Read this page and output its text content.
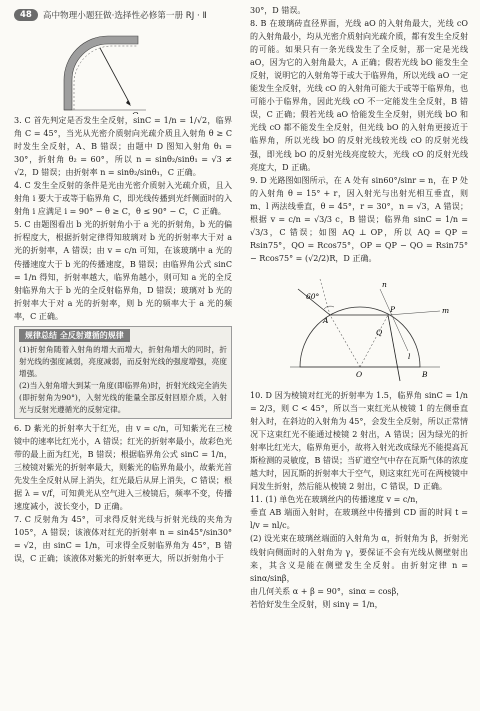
48	高中物理小题狂做·选择性必修第一册 RJ · Ⅱ

3. C 首先判定是否发生全反射，sinC = 1/n = 1/√2，临界角 C = 45°，当光从光密介质射向光疏介质且入射角 θ ≥ C 时发生全反射，A、B 错误；由题中 D 图知入射角 θ₁ = 30°，折射角 θ₂ = 60°，所以 n = sinθ₂/sinθ₁ = √3 ≠ √2，D 错误；由折射率 n = sinθ₂/sinθ₁，C 正确。

4. C 发生全反射的条件是光由光密介质射入光疏介质，且入射角 i 要大于或等于临界角 C，即光线传播到光纤侧面时的入射角 i 应满足 i = 90° − θ ≥ C，θ ≤ 90° − C，C 正确。

5. C 由题图看出 b 光的折射角小于 a 光的折射角，b 光的偏折程度大，根据折射定律得知玻璃对 b 光的折射率大于对 a 光的折射率，A 错误；由 v = c/n 可知，在该玻璃中 a 光的传播速度大于 b 光的传播速度，B 错误；由临界角公式 sinC = 1/n 得知，折射率越大，临界角越小，则可知 a 光的全反射临界角大于 b 光的全反射临界角，D 错误；玻璃对 b 光的折射率大于对 a 光的折射率，则 b 光的频率大于 a 光的频率，C 正确。

规律总结 全反射遵循的规律

(1)折射角随着入射角的增大而增大，折射角增大的同时，折射光线的强度减弱，亮度减弱，而反射光线的强度增强，亮度增强。

(2)当入射角增大到某一角度(即临界角)时，折射光线完全消失(即折射角为90°)，入射光线的能量全部反射回原介质，入射光与反射光遵循光的反射定律。

6. D 紫光的折射率大于红光，由 v = c/n，可知紫光在三棱镜中的速率比红光小，A 错误；红光的折射率最小，故彩色光带的最上面为红光，B 错误；根据临界角公式 sinC = 1/n，三棱镜对紫光的折射率最大，则紫光的临界角最小，故紫光首先发生全反射从屏上消失，红光最后从屏上消失，C 错误；根据 λ = v/f，可知黄光从空气进入三棱镜后，频率不变，传播速度减小，波长变小，D 正确。

7. C 反射角为 45°，可求得反射光线与折射光线的夹角为 105°，A 错误；该液体对红光的折射率 n = sin45°/sin30° = √2，由 sinC = 1/n，可求得全反射临界角为 45°，B 错误，C 正确；该液体对紫光的折射率更大，所以折射角小于

30°，D 错误。

8. B 在玻璃砖直径界面，光线 aO 的入射角最大，光线 cO 的入射角最小，均从光密介质射向光疏介质，都有发生全反射的可能。如果只有一条光线发生了全反射，那一定是光线 aO，因为它的入射角最大，A 正确；假若光线 bO 能发生全反射，说明它的入射角等于或大于临界角，所以光线 aO 一定能发生全反射，光线 cO 的入射角可能大于或等于临界角，也可能小于临界角，因此光线 cO 不一定能发生全反射，B 错误，C 正确；假若光线 aO 恰能发生全反射，则光线 bO 和光线 cO 都不能发生全反射，但光线 bO 的入射角更接近于临界角，所以光线 bO 的反射光线较光线 cO 的反射光线强，即光线 bO 的反射光线亮度较大，光线 cO 的反射光线亮度大，D 正确。

9. D 光路图如图所示，在 A 处有 sin60°/sinr = n，在 P 处的入射角 θ = 15° + r，因入射光与出射光相互垂直，则 m、l 两法线垂直，θ = 45°，r = 30°，n = √3，A 错误；根据 v = c/n = √3/3 c，B 错误；临界角 sinC = 1/n = √3/3，C 错误；如图 AQ ⊥ OP，所以 AQ = QP = Rsin75°，QO = Rcos75°，OP = QP − QO = Rsin75° − Rcos75° = (√2/2)R，D 正确。

60°
A
P	m
n
l
O	B
Q

10. D 因为棱镜对红光的折射率为 1.5，临界角 sinC = 1/n = 2/3，则 C < 45°，所以当一束红光从棱镜 1 的左侧垂直射入时，在斜边的入射角为 45°，会发生全反射，所以正常情况下这束红光不能通过棱镜 2 射出，A 错误；因为绿光的折射率比红光大，临界角更小，故将入射光改成绿光不能提高瓦斯检测的灵敏度，B 错误；当矿道空气中存在瓦斯气体的浓度越大时，因瓦斯的折射率大于空气，则这束红光可在两棱镜中间发生折射，然后能从棱镜 2 射出，C 错误，D 正确。

11. (1) 单色光在玻璃丝内的传播速度 v = c/n，

垂直 AB 端面入射时，在玻璃丝中传播到 CD 面的时间 t = l/v = nl/c。

(2) 设光束在玻璃丝端面的入射角为 α，折射角为 β，折射光线射向侧面时的入射角为 γ，要保证不会有光线从侧壁射出来，其含义是能在侧壁发生全反射。由折射定律 n = sinα/sinβ，

由几何关系 α + β = 90°，sinα = cosβ，

若恰好发生全反射，则 sinγ = 1/n，
